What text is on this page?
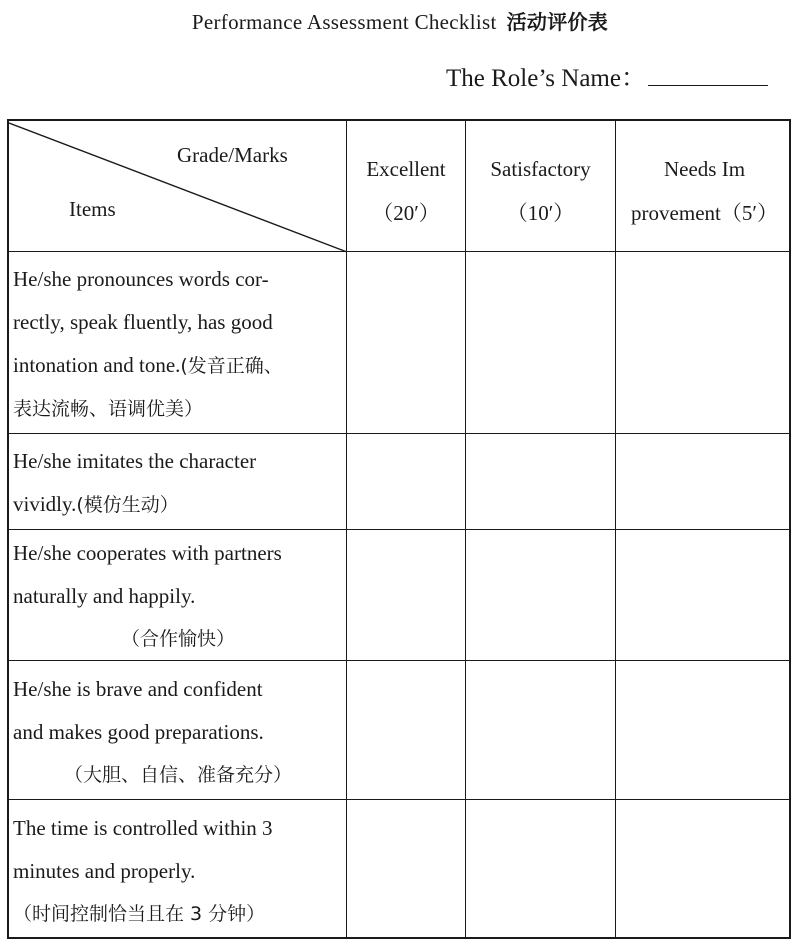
Performance Assessment Checklist 活动评价表
The Role’s Name：
Grade/Marks
Items
Excellent
（20′）
Satisfactory
（10′）
Needs Im
provement（5′）
He/she pronounces words cor-
rectly, speak fluently, has good
intonation and tone.(发音正确、
表达流畅、语调优美）
He/she imitates the character
vividly.(模仿生动）
He/she cooperates with partners
naturally and happily.
（合作愉快）
He/she is brave and confident
and makes good preparations.
（大胆、自信、准备充分）
The time is controlled within 3
minutes and properly.
（时间控制恰当且在 3 分钟）
